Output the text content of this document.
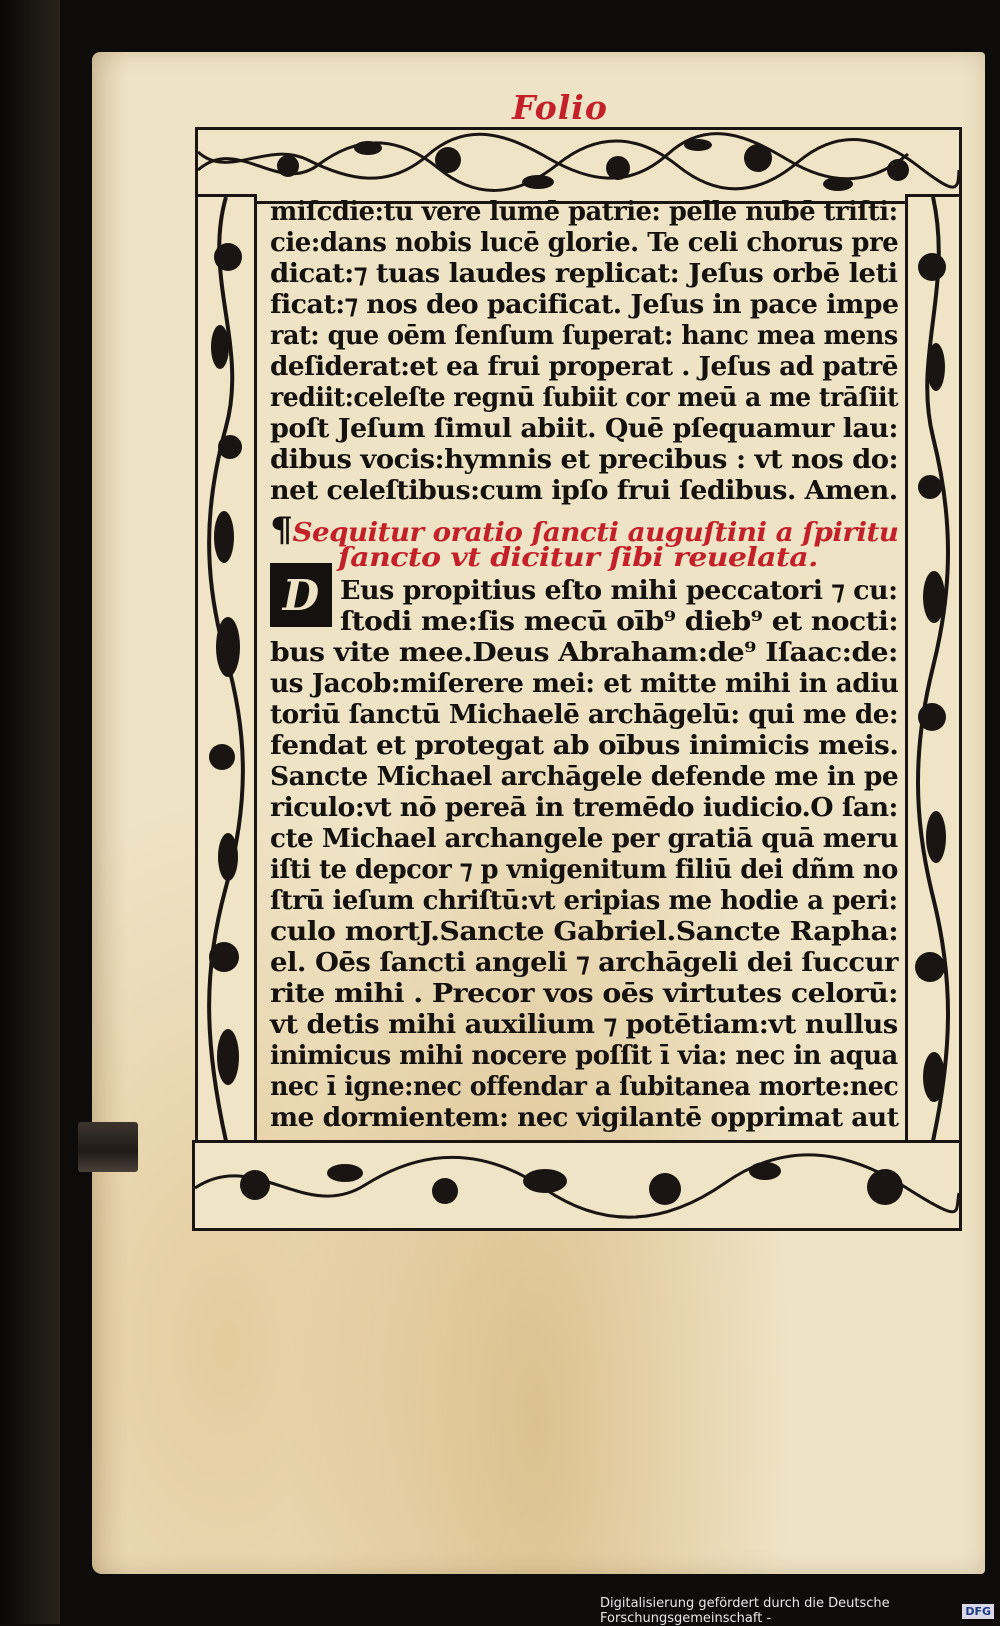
Folio
miſcdie:tu vere lumē patrie: pelle nubē triſti:
cie:dans nobis lucē glorie. Te celi chorus pre
dicat:⁊ tuas laudes replicat: Jeſus orbē leti
ficat:⁊ nos deo pacificat. Jeſus in pace impe
rat: que oēm ſenſum ſuperat: hanc mea mens
deſiderat:et ea frui properat . Jeſus ad patrē
rediit:celeſte regnū ſubiit cor meū a me trāſiit
poſt Jeſum ſimul abiit. Quē pſequamur lau:
dibus vocis:hymnis et precibus : vt nos do:
net celeſtibus:cum ipſo frui ſedibus. Amen.
¶Sequitur oratio ſancti auguſtini a ſpiritu
ſancto vt dicitur ſibi reuelata.
D Eus propitius eſto mihi peccatori ⁊ cu:
ſtodi me:ſis mecū oīb⁹ dieb⁹ et nocti:
bus vite mee.Deus Abraham:de⁹ Iſaac:de:
us Jacob:miſerere mei: et mitte mihi in adiu
toriū ſanctū Michaelē archāgelū: qui me de:
fendat et protegat ab oībus inimicis meis.
Sancte Michael archāgele defende me in pe
riculo:vt nō pereā in tremēdo iudicio.O ſan:
cte Michael archangele per gratiā quā meru
iſti te depcor ⁊ p vnigenitum filiū dei dñm no
ſtrū ieſum chriſtū:vt eripias me hodie a peri:
culo mortJ.Sancte Gabriel.Sancte Rapha:
el. Oēs ſancti angeli ⁊ archāgeli dei ſuccur
rite mihi . Precor vos oēs virtutes celorū:
vt detis mihi auxilium ⁊ potētiam:vt nullus
inimicus mihi nocere poſſit ī via: nec in aqua
nec ī igne:nec offendar a ſubitanea morte:nec
me dormientem: nec vigilantē opprimat aut
Digitalisierung gefördert durch die Deutsche Forschungsgemeinschaft -	DFG
